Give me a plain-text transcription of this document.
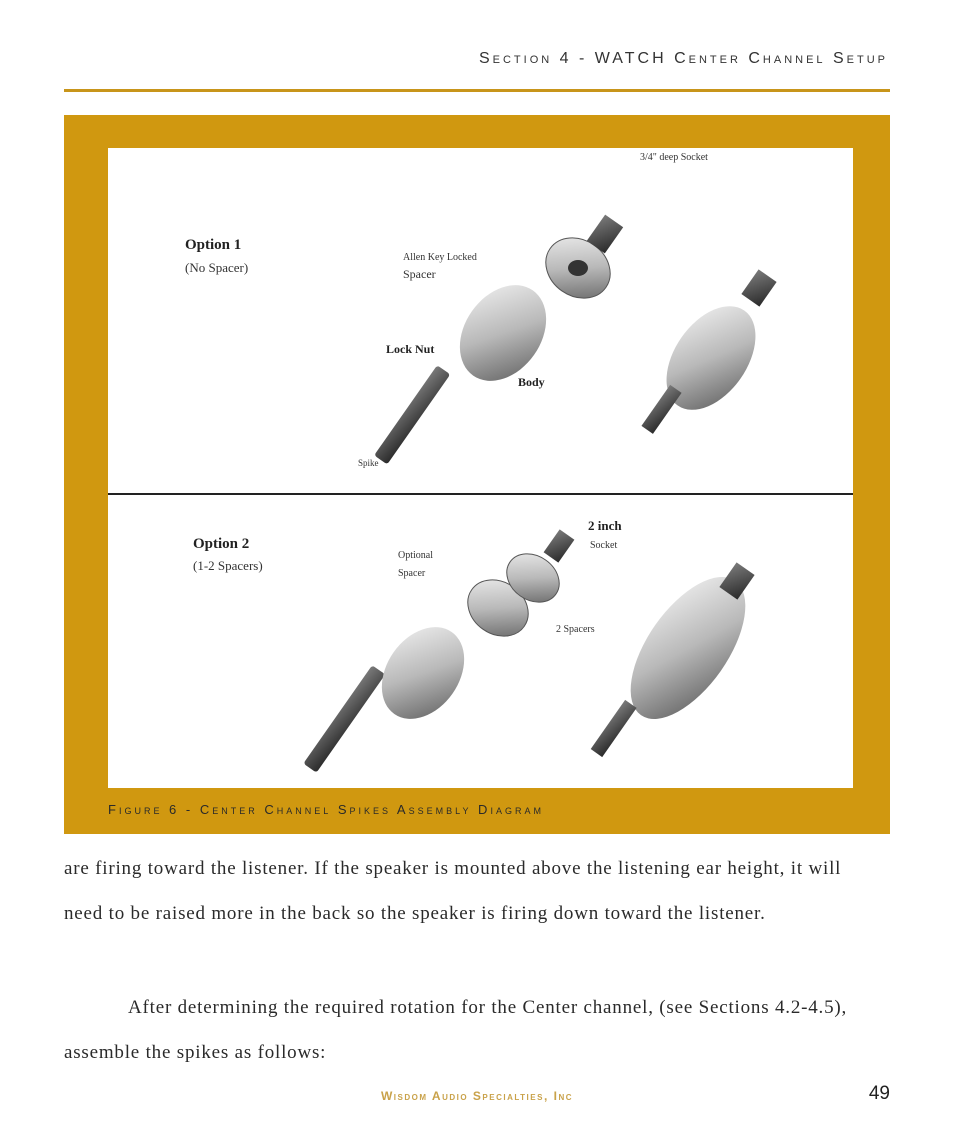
Section 4 - WATCH Center Channel Setup
3/4" deep Socket
Option 1
(No Spacer)
Allen Key Locked
Spacer
Lock Nut
Body
Spike
Option 2
(1-2 Spacers)
2 inch
Socket
Optional
Spacer
2 Spacers
Figure 6 - Center Channel Spikes Assembly Diagram

are firing toward the listener. If the speaker is mounted above the listening ear height, it will need to be raised more in the back so the speaker is firing down toward the listener.

After determining the required rotation for the Center channel, (see Sections 4.2-4.5), assemble the spikes as follows:

Wisdom Audio Specialties, Inc	49
